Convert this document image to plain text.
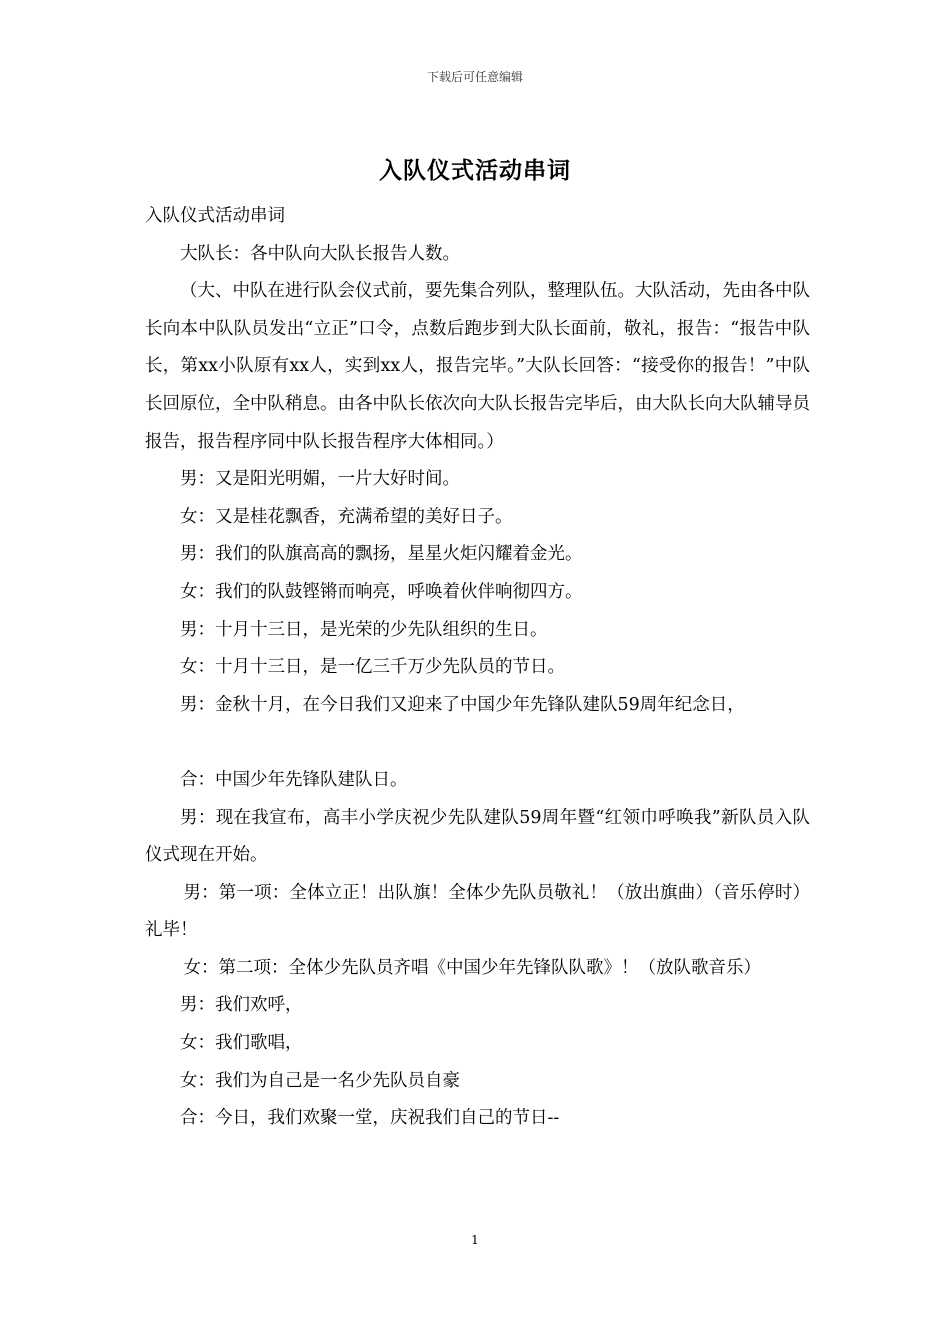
下载后可任意编辑
入队仪式活动串词

入队仪式活动串词

大队长：各中队向大队长报告人数。

（大、中队在进行队会仪式前，要先集合列队，整理队伍。大队活动，先由各中队长向本中队队员发出“立正”口令，点数后跑步到大队长面前，敬礼，报告：“报告中队长，第xx小队原有xx人，实到xx人，报告完毕。”大队长回答：“接受你的报告！”中队长回原位，全中队稍息。由各中队长依次向大队长报告完毕后，由大队长向大队辅导员报告，报告程序同中队长报告程序大体相同。）

男：又是阳光明媚，一片大好时间。

女：又是桂花飘香，充满希望的美好日子。

男：我们的队旗高高的飘扬，星星火炬闪耀着金光。

女：我们的队鼓铿锵而响亮，呼唤着伙伴响彻四方。

男：十月十三日，是光荣的少先队组织的生日。

女：十月十三日，是一亿三千万少先队员的节日。

男：金秋十月，在今日我们又迎来了中国少年先锋队建队59周年纪念日，

合：中国少年先锋队建队日。

男：现在我宣布，高丰小学庆祝少先队建队59周年暨“红领巾呼唤我”新队员入队仪式现在开始。

男：第一项：全体立正！出队旗！全体少先队员敬礼！（放出旗曲）（音乐停时）礼毕！

女：第二项：全体少先队员齐唱《中国少年先锋队队歌》！（放队歌音乐）

男：我们欢呼，

女：我们歌唱，

女：我们为自己是一名少先队员自豪

合：今日，我们欢聚一堂，庆祝我们自己的节日--

1
